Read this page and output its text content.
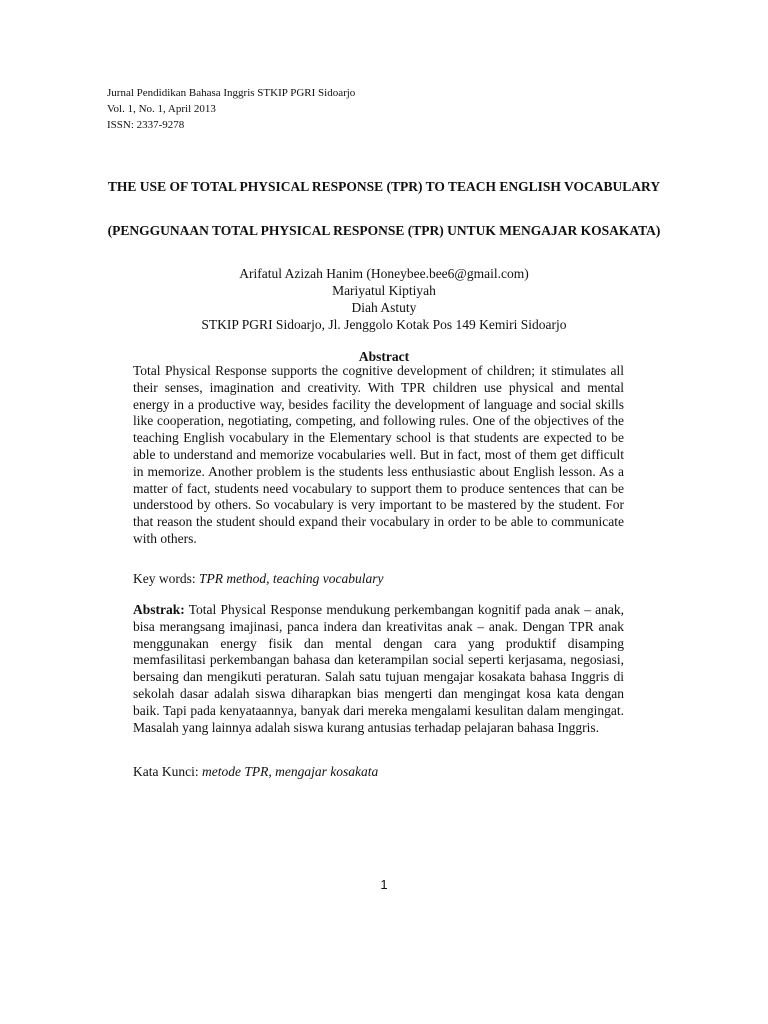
Jurnal Pendidikan Bahasa Inggris STKIP PGRI Sidoarjo
Vol. 1, No. 1, April 2013
ISSN: 2337-9278
THE USE OF TOTAL PHYSICAL RESPONSE (TPR) TO TEACH ENGLISH VOCABULARY
(PENGGUNAAN TOTAL PHYSICAL RESPONSE (TPR) UNTUK MENGAJAR KOSAKATA)
Arifatul Azizah Hanim (Honeybee.bee6@gmail.com)
Mariyatul Kiptiyah
Diah Astuty
STKIP PGRI Sidoarjo, Jl. Jenggolo Kotak Pos 149 Kemiri Sidoarjo
Abstract

Total Physical Response supports the cognitive development of children; it stimulates all their senses, imagination and creativity. With TPR children use physical and mental energy in a productive way, besides facility the development of language and social skills like cooperation, negotiating, competing, and following rules. One of the objectives of the teaching English vocabulary in the Elementary school is that students are expected to be able to understand and memorize vocabularies well. But in fact, most of them get difficult in memorize. Another problem is the students less enthusiastic about English lesson. As a matter of fact, students need vocabulary to support them to produce sentences that can be understood by others. So vocabulary is very important to be mastered by the student. For that reason the student should expand their vocabulary in order to be able to communicate with others.

Key words: TPR method, teaching vocabulary

Abstrak: Total Physical Response mendukung perkembangan kognitif pada anak – anak, bisa merangsang imajinasi, panca indera dan kreativitas anak – anak. Dengan TPR anak menggunakan energy fisik dan mental dengan cara yang produktif disamping memfasilitasi perkembangan bahasa dan keterampilan social seperti kerjasama, negosiasi, bersaing dan mengikuti peraturan. Salah satu tujuan mengajar kosakata bahasa Inggris di sekolah dasar adalah siswa diharapkan bias mengerti dan mengingat kosa kata dengan baik. Tapi pada kenyataannya, banyak dari mereka mengalami kesulitan dalam mengingat. Masalah yang lainnya adalah siswa kurang antusias terhadap pelajaran bahasa Inggris.

Kata Kunci: metode TPR, mengajar kosakata

1
